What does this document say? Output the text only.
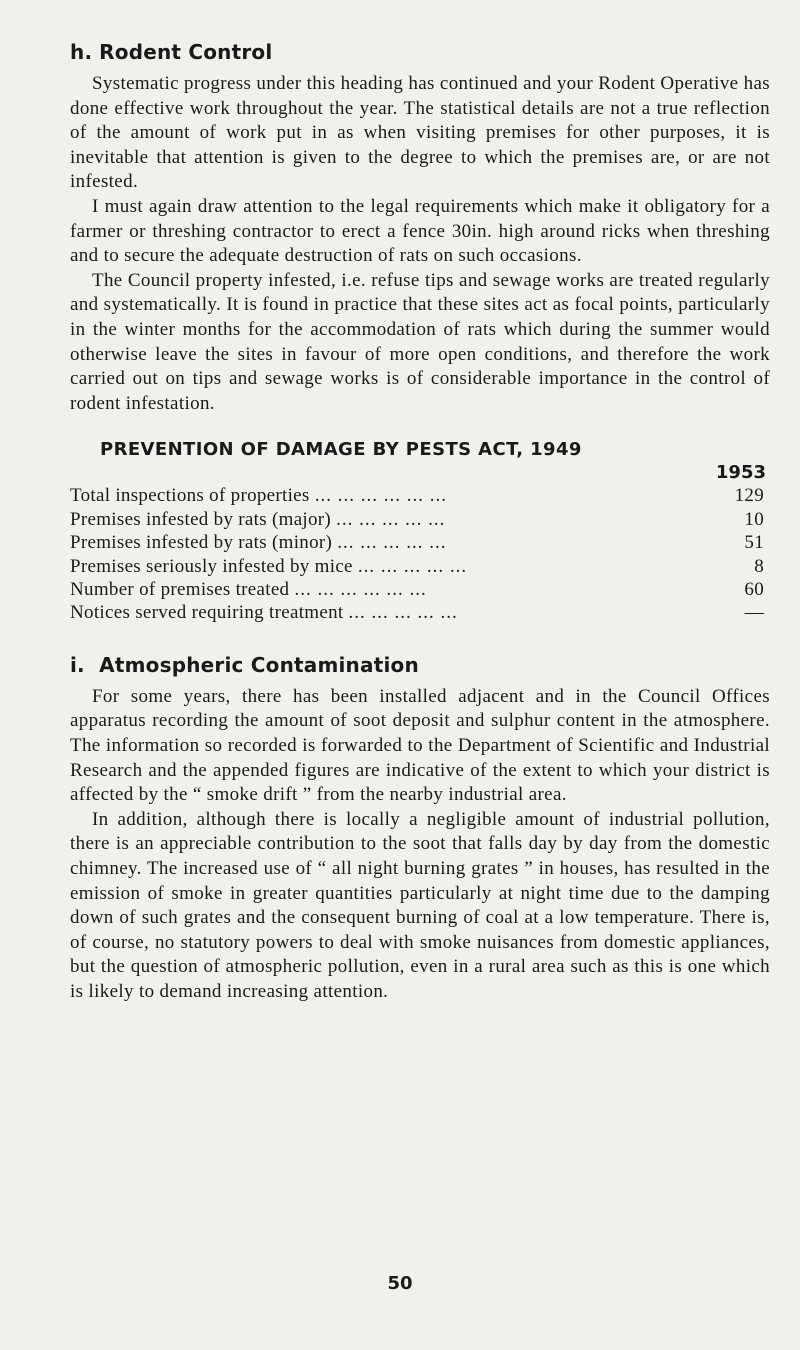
h. Rodent Control

Systematic progress under this heading has continued and your Rodent Operative has done effective work throughout the year. The statistical details are not a true reflection of the amount of work put in as when visiting premises for other purposes, it is inevitable that attention is given to the degree to which the premises are, or are not infested.

I must again draw attention to the legal requirements which make it obligatory for a farmer or threshing contractor to erect a fence 30in. high around ricks when threshing and to secure the adequate destruction of rats on such occasions.

The Council property infested, i.e. refuse tips and sewage works are treated regularly and systematically. It is found in practice that these sites act as focal points, particularly in the winter months for the accommodation of rats which during the summer would otherwise leave the sites in favour of more open conditions, and therefore the work carried out on tips and sewage works is of considerable importance in the control of rodent infestation.

PREVENTION OF DAMAGE BY PESTS ACT, 1949
1953
Total inspections of properties ... ... ... ... ... ...	129
Premises infested by rats (major) ... ... ... ... ...	10
Premises infested by rats (minor) ... ... ... ... ...	51
Premises seriously infested by mice ... ... ... ... ...	8
Number of premises treated ... ... ... ... ... ...	60
Notices served requiring treatment ... ... ... ... ...	—
i. Atmospheric Contamination

For some years, there has been installed adjacent and in the Council Offices apparatus recording the amount of soot deposit and sulphur content in the atmosphere. The information so recorded is forwarded to the Department of Scientific and Industrial Research and the appended figures are indicative of the extent to which your district is affected by the “ smoke drift ” from the nearby industrial area.

In addition, although there is locally a negligible amount of industrial pollution, there is an appreciable contribution to the soot that falls day by day from the domestic chimney. The increased use of “ all night burning grates ” in houses, has resulted in the emission of smoke in greater quantities particularly at night time due to the damping down of such grates and the consequent burning of coal at a low temperature. There is, of course, no statutory powers to deal with smoke nuisances from domestic appliances, but the question of atmospheric pollution, even in a rural area such as this is one which is likely to demand increasing attention.

50
